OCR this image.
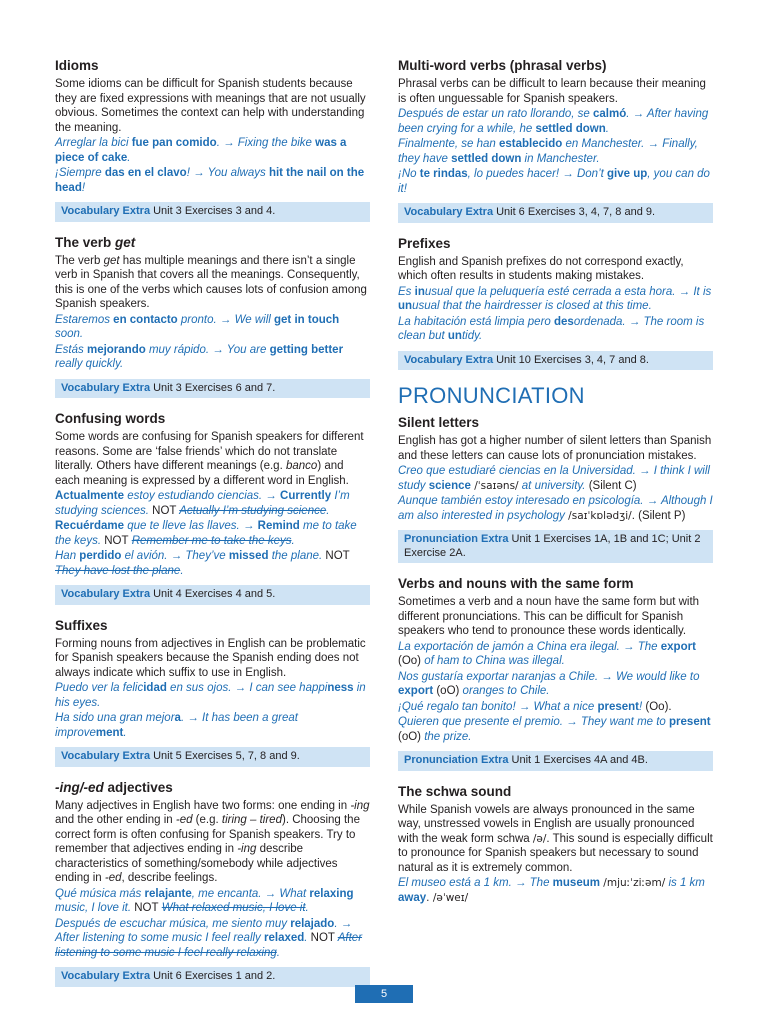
Idioms

Some idioms can be difficult for Spanish students because they are fixed expressions with meanings that are not usually obvious. Sometimes the context can help with understanding the meaning.

Arreglar la bici fue pan comido. → Fixing the bike was a piece of cake.

¡Siempre das en el clavo! → You always hit the nail on the head!

Vocabulary Extra Unit 3 Exercises 3 and 4.
The verb get

The verb get has multiple meanings and there isn’t a single verb in Spanish that covers all the meanings. Consequently, this is one of the verbs which causes lots of confusion among Spanish speakers.

Estaremos en contacto pronto. → We will get in touch soon.

Estás mejorando muy rápido. → You are getting better really quickly.

Vocabulary Extra Unit 3 Exercises 6 and 7.
Confusing words

Some words are confusing for Spanish speakers for different reasons. Some are ‘false friends’ which do not translate literally. Others have different meanings (e.g. banco) and each meaning is expressed by a different word in English.

Actualmente estoy estudiando ciencias. → Currently I’m studying sciences. NOT Actually I’m studying science.

Recuérdame que te lleve las llaves. → Remind me to take the keys. NOT Remember me to take the keys.

Han perdido el avión. → They’ve missed the plane. NOT They have lost the plane.

Vocabulary Extra Unit 4 Exercises 4 and 5.
Suffixes

Forming nouns from adjectives in English can be problematic for Spanish speakers because the Spanish ending does not always indicate which suffix to use in English.

Puedo ver la felicidad en sus ojos. → I can see happiness in his eyes.

Ha sido una gran mejora. → It has been a great improvement.

Vocabulary Extra Unit 5 Exercises 5, 7, 8 and 9.
-ing/-ed adjectives

Many adjectives in English have two forms: one ending in -ing and the other ending in -ed (e.g. tiring – tired). Choosing the correct form is often confusing for Spanish speakers. Try to remember that adjectives ending in -ing describe characteristics of something/somebody while adjectives ending in -ed, describe feelings.

Qué música más relajante, me encanta. → What relaxing music, I love it. NOT What relaxed music, I love it.

Después de escuchar música, me siento muy relajado. → After listening to some music I feel really relaxed. NOT After listening to some music I feel really relaxing.

Vocabulary Extra Unit 6 Exercises 1 and 2.
Multi-word verbs (phrasal verbs)

Phrasal verbs can be difficult to learn because their meaning is often unguessable for Spanish speakers.

Después de estar un rato llorando, se calmó. → After having been crying for a while, he settled down.

Finalmente, se han establecido en Manchester. → Finally, they have settled down in Manchester.

¡No te rindas, lo puedes hacer! → Don’t give up, you can do it!

Vocabulary Extra Unit 6 Exercises 3, 4, 7, 8 and 9.
Prefixes

English and Spanish prefixes do not correspond exactly, which often results in students making mistakes.

Es inusual que la peluquería esté cerrada a esta hora. → It is unusual that the hairdresser is closed at this time.

La habitación está limpia pero desordenada. → The room is clean but untidy.

Vocabulary Extra Unit 10 Exercises 3, 4, 7 and 8.
PRONUNCIATION
Silent letters

English has got a higher number of silent letters than Spanish and these letters can cause lots of pronunciation mistakes.

Creo que estudiaré ciencias en la Universidad. → I think I will study science /ˈsaɪəns/ at university. (Silent C)

Aunque también estoy interesado en psicología. → Although I am also interested in psychology /saɪˈkɒlədʒi/. (Silent P)

Pronunciation Extra Unit 1 Exercises 1A, 1B and 1C; Unit 2 Exercise 2A.
Verbs and nouns with the same form

Sometimes a verb and a noun have the same form but with different pronunciations. This can be difficult for Spanish speakers who tend to pronounce these words identically.

La exportación de jamón a China era ilegal. → The export (Oo) of ham to China was illegal.

Nos gustaría exportar naranjas a Chile. → We would like to export (oO) oranges to Chile.

¡Qué regalo tan bonito! → What a nice present! (Oo).

Quieren que presente el premio. → They want me to present (oO) the prize.

Pronunciation Extra Unit 1 Exercises 4A and 4B.
The schwa sound

While Spanish vowels are always pronounced in the same way, unstressed vowels in English are usually pronounced with the weak form schwa /ə/. This sound is especially difficult to pronounce for Spanish speakers but necessary to sound natural as it is extremely common.

El museo está a 1 km. → The museum /mjuːˈziːəm/ is 1 km away. /əˈweɪ/

5
